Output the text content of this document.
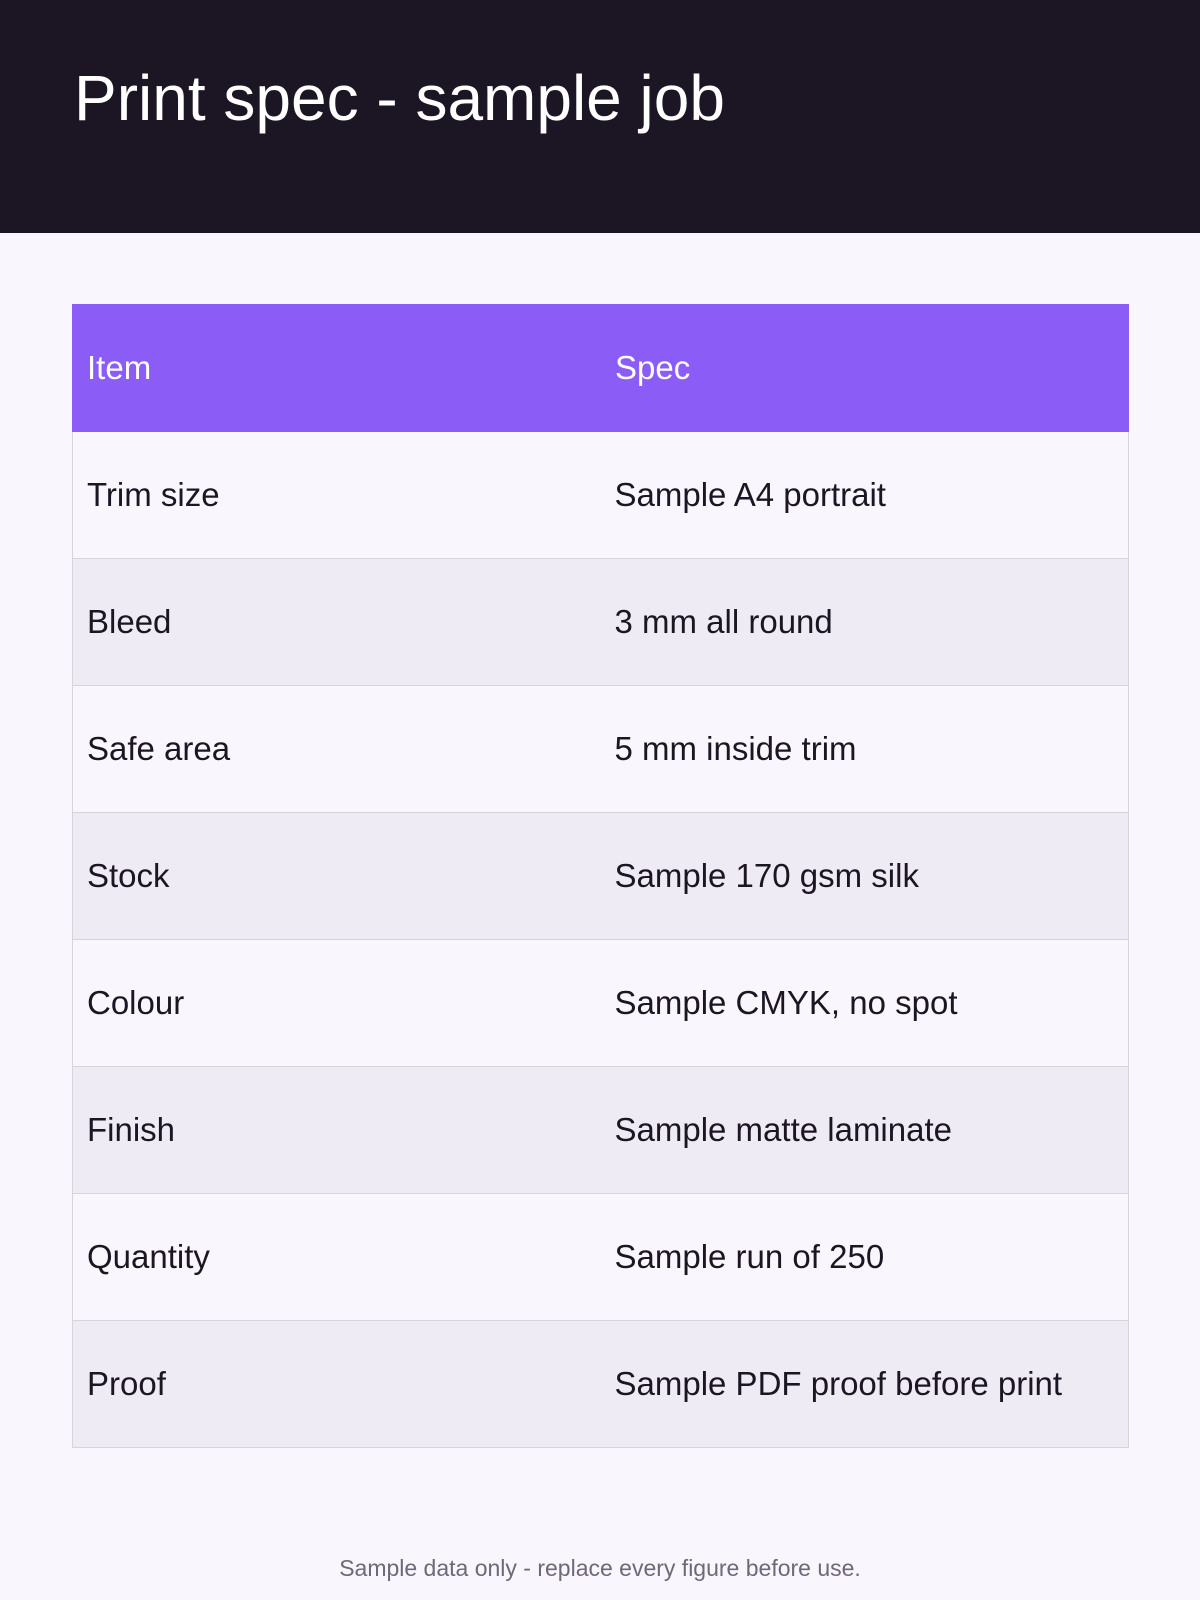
Print spec - sample job
Item	Spec
Trim size	Sample A4 portrait
Bleed	3 mm all round
Safe area	5 mm inside trim
Stock	Sample 170 gsm silk
Colour	Sample CMYK, no spot
Finish	Sample matte laminate
Quantity	Sample run of 250
Proof	Sample PDF proof before print

Sample data only - replace every figure before use.
